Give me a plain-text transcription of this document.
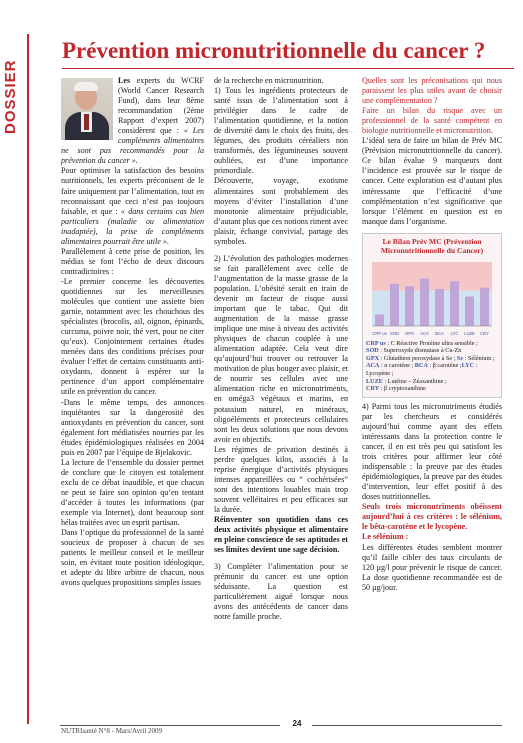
DOSSIER
Prévention micronutritionnelle du cancer ?

Les experts du WCRF (World Cancer Research Fund), dans leur 8ème recommandation (2ème Rapport d’expert 2007) considèrent que : « Les compléments alimentaires ne sont pas recommandés pour la prévention du cancer ».

Pour optimiser la satisfaction des besoins nutritionnels, les experts préconisent de le faire uniquement par l’alimentation, tout en reconnaissant que ceci n’est pas toujours faisable, et que : « dans certains cas bien particuliers (maladie ou alimentation inadaptée), la prise de compléments alimentaires pourrait être utile ».

Parallèlement à cette prise de position, les médias se font l’écho de deux discours contradictoires :

-Le premier concerne les découvertes quotidiennes sur les merveilleuses molécules que contient une assiette bien garnie, notamment avec les chouchous des spécialistes (brocolis, ail, oignon, épinards, curcuma, poivre noir, thé vert, pour ne citer qu’eux). Conjointement certaines études menées dans des conditions précises pour évaluer l’effet de certains constituants anti-oxydants, donnent à espérer sur la pertinence d’un apport complémentaire utile en prévention du cancer.

-Dans le même temps, des annonces inquiétantes sur la dangerosité des antioxydants en prévention du cancer, sont également fort médiatisées nourries par les études épidémiologiques réalisées en 2004 puis en 2007 par l’équipe de Bjelakovic.

La lecture de l’ensemble du dossier permet de conclure que le citoyen est totalement exclu de ce débat inaudible, et que chacun ne peut se faire son opinion qu’en tentant d’accéder à toutes les informations (par exemple via Internet), dont beaucoup sont hélas traitées avec un esprit partisan.

Dans l’optique du professionnel de la santé soucieux de proposer à chacun de ses patients le meilleur conseil et le meilleur soin, en évitant toute position idéologique, et adepte du libre arbitre de chacun, nous avons quelques propositions simples issues

de la recherche en micronutrition.

1) Tous les ingrédients protecteurs de santé issus de l’alimentation sont à privilégier dans le cadre de l’alimentation quotidienne, et la notion de diversité dans le choix des fruits, des légumes, des produits céréaliers non transformés, des légumineuses souvent oubliées, est d’une importance primordiale.

Découverte, voyage, exotisme alimentaires sont probablement des moyens d’éviter l’installation d’une monotonie alimentaire préjudiciable, d’autant plus que ces notions riment avec plaisir, échange convivial, partage des symboles.

2) L’évolution des pathologies modernes se fait parallèlement avec celle de l’augmentation de la masse grasse de la population. L’obésité serait en train de devenir un facteur de risque aussi important que le tabac. Qui dit augmentation de la masse grasse implique une mise à niveau des activités physiques de chacun couplée à une alimentation adaptée. Cela veut dire qu’aujourd’hui trouver ou retrouver la motivation de plus bouger avec plaisir, et de nourrir ses cellules avec une alimentation riche en micronutriments, en oméga3 végétaux et marins, en potassium naturel, en minéraux, oligoéléments et protecteurs cellulaires sont les deux solutions que nous devons avoir en objectifs.

Les régimes de privation destinés à perdre quelques kilos, associés à la reprise énergique d’activités physiques intenses appareillées ou “ cochérisées” sont des intentions louables mais trop souvent velléitaires et peu efficaces sur la durée.

Réinventer son quotidien dans ces deux activités physique et alimentaire en pleine conscience de ses aptitudes et ses limites devient une sage décision.

3) Compléter l’alimentation pour se prémunir du cancer est une option séduisante. La question est particulièrement aiguë lorsque nous avons des antécédents de cancer dans notre famille proche.

Quelles sont les préconisations qui nous paraissent les plus utiles avant de choisir une complémentation ?

Faire un bilan du risque avec un professionnel de la santé compétent en biologie nutritionnelle et micronutrition.

L’idéal sera de faire un bilan de Prév MC (Prévision micronutritionnelle du cancer). Ce bilan évalue 9 marqueurs dont l’incidence est prouvée sur le risque de cancer. Cette exploration est d’autant plus intéressante que l’efficacité d’une complémentation n’est significative que lorsque l’élément en question est en manque dans l’organisme.

Le Bilan Prév MC (Prévention Micronutritionnelle du Cancer)
CRP us SOD GPX ACA BCA LYC LUZE CRY
CRP us : C Réactive Protéine ultra sensible ;
SOD : Superoxyde dismutase à Cu-Zn
GPX : Glutathion peroxydase à Se ; Se : Sélénium ;
ACA : α carotène ; BCA : β carotène ;LYC : Lycopène ;
LUZE : Lutéine – Zéaxanthine ;
CRY : β cryptoxanthine

4) Parmi tous les micronutriments étudiés par les chercheurs et considérés aujourd’hui comme ayant des effets intéressants dans la protection contre le cancer, il en est très peu qui satisfont les trois critères pour affirmer leur côté indispensable : la preuve par des études épidémiologiques, la preuve par des études d’intervention, leur effet positif à des doses nutritionnelles.

Seuls trois micronutriments obéissent aujourd’hui à ces critères : le sélénium, le bêta-carotène et le lycopène.

Le sélénium :

Les différentes études semblent montrer qu’il faille cibler des taux circulants de 120 μg/l pour prévenir le risque de cancer. La dose quotidienne recommandée est de 50 μg/jour.

NUTRIsanté N°8 - Mars/Avril 2009
24
